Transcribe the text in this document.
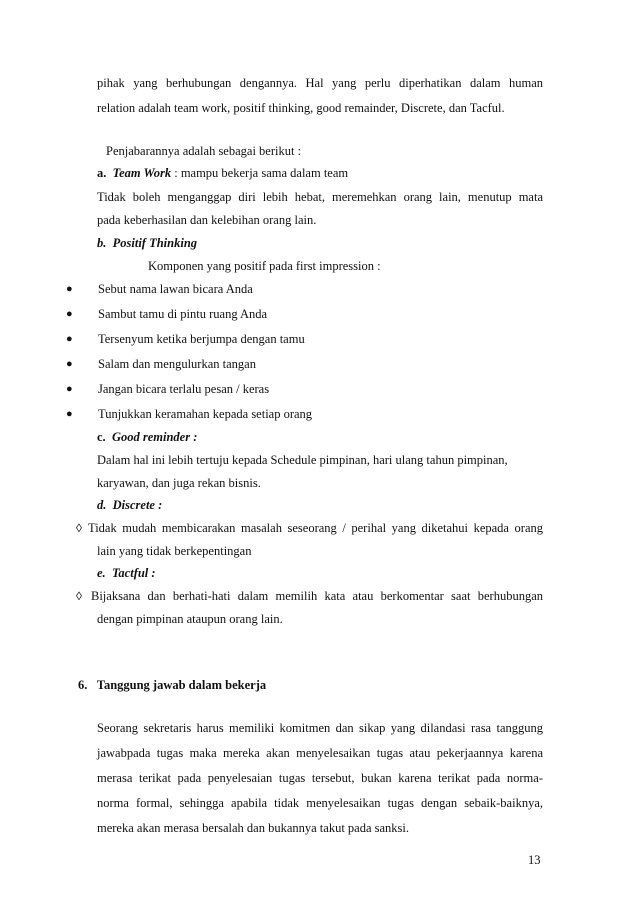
pihak yang berhubungan dengannya. Hal yang perlu diperhatikan dalam human
relation adalah team work, positif thinking, good remainder, Discrete, dan Tacful.
Penjabarannya adalah sebagai berikut :
a. Team Work : mampu bekerja sama dalam team
Tidak boleh menganggap diri lebih hebat, meremehkan orang lain, menutup mata
pada keberhasilan dan kelebihan orang lain.
b. Positif Thinking
Komponen yang positif pada first impression :
● Sebut nama lawan bicara Anda
● Sambut tamu di pintu ruang Anda
● Tersenyum ketika berjumpa dengan tamu
● Salam dan mengulurkan tangan
● Jangan bicara terlalu pesan / keras
● Tunjukkan keramahan kepada setiap orang
c. Good reminder :
Dalam hal ini lebih tertuju kepada Schedule pimpinan, hari ulang tahun pimpinan,
karyawan, dan juga rekan bisnis.
d. Discrete :
◊ Tidak mudah membicarakan masalah seseorang / perihal yang diketahui kepada orang
lain yang tidak berkepentingan
e. Tactful :
◊ Bijaksana dan berhati-hati dalam memilih kata atau berkomentar saat berhubungan
dengan pimpinan ataupun orang lain.
6. Tanggung jawab dalam bekerja
Seorang sekretaris harus memiliki komitmen dan sikap yang dilandasi rasa tanggung
jawabpada tugas maka mereka akan menyelesaikan tugas atau pekerjaannya karena
merasa terikat pada penyelesaian tugas tersebut, bukan karena terikat pada norma-
norma formal, sehingga apabila tidak menyelesaikan tugas dengan sebaik-baiknya,
mereka akan merasa bersalah dan bukannya takut pada sanksi.
13
